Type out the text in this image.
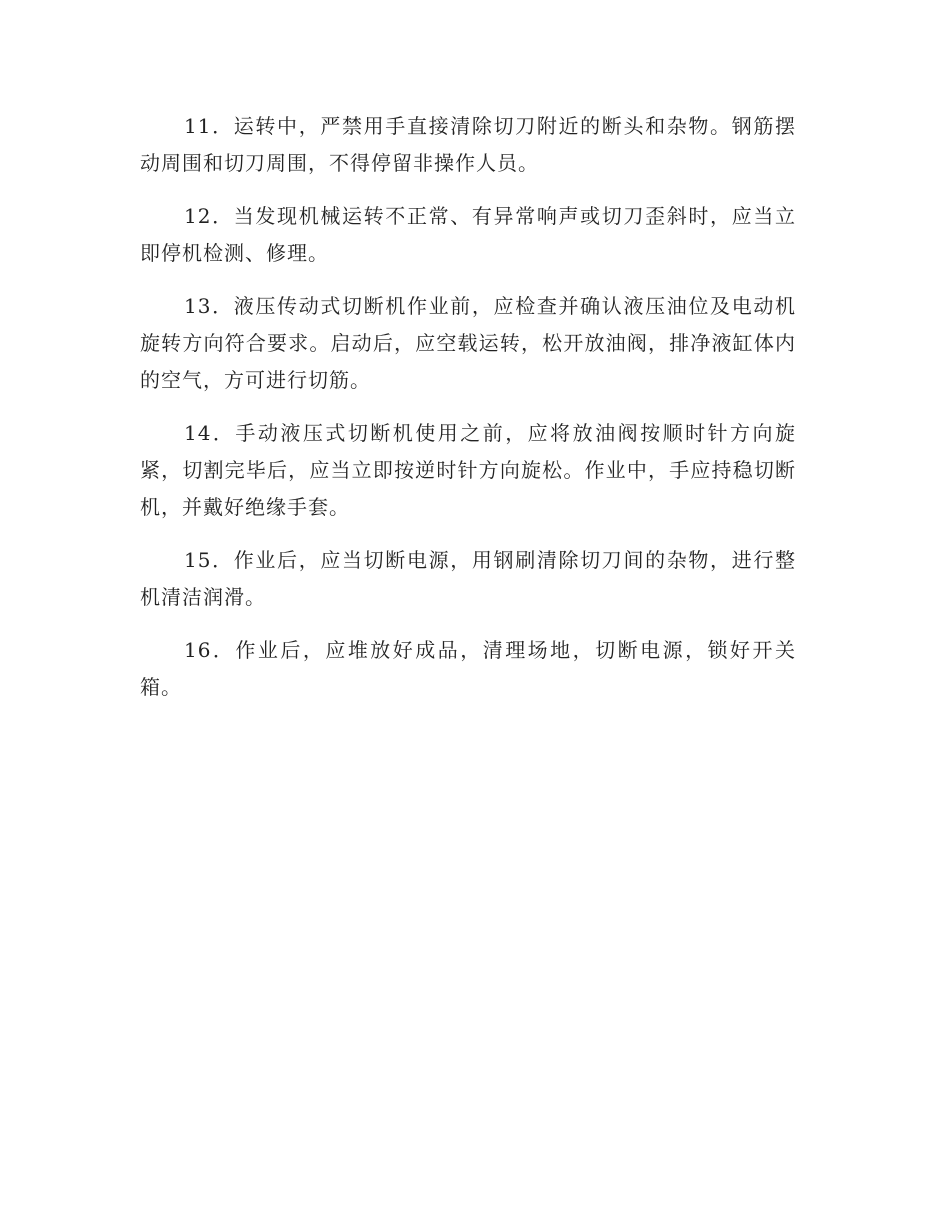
11．运转中，严禁用手直接清除切刀附近的断头和杂物。钢筋摆动周围和切刀周围，不得停留非操作人员。

12．当发现机械运转不正常、有异常响声或切刀歪斜时，应当立即停机检测、修理。

13．液压传动式切断机作业前，应检查并确认液压油位及电动机旋转方向符合要求。启动后，应空载运转，松开放油阀，排净液缸体内的空气，方可进行切筋。

14．手动液压式切断机使用之前，应将放油阀按顺时针方向旋紧，切割完毕后，应当立即按逆时针方向旋松。作业中，手应持稳切断机，并戴好绝缘手套。

15．作业后，应当切断电源，用钢刷清除切刀间的杂物，进行整机清洁润滑。

16．作业后，应堆放好成品，清理场地，切断电源，锁好开关箱。
